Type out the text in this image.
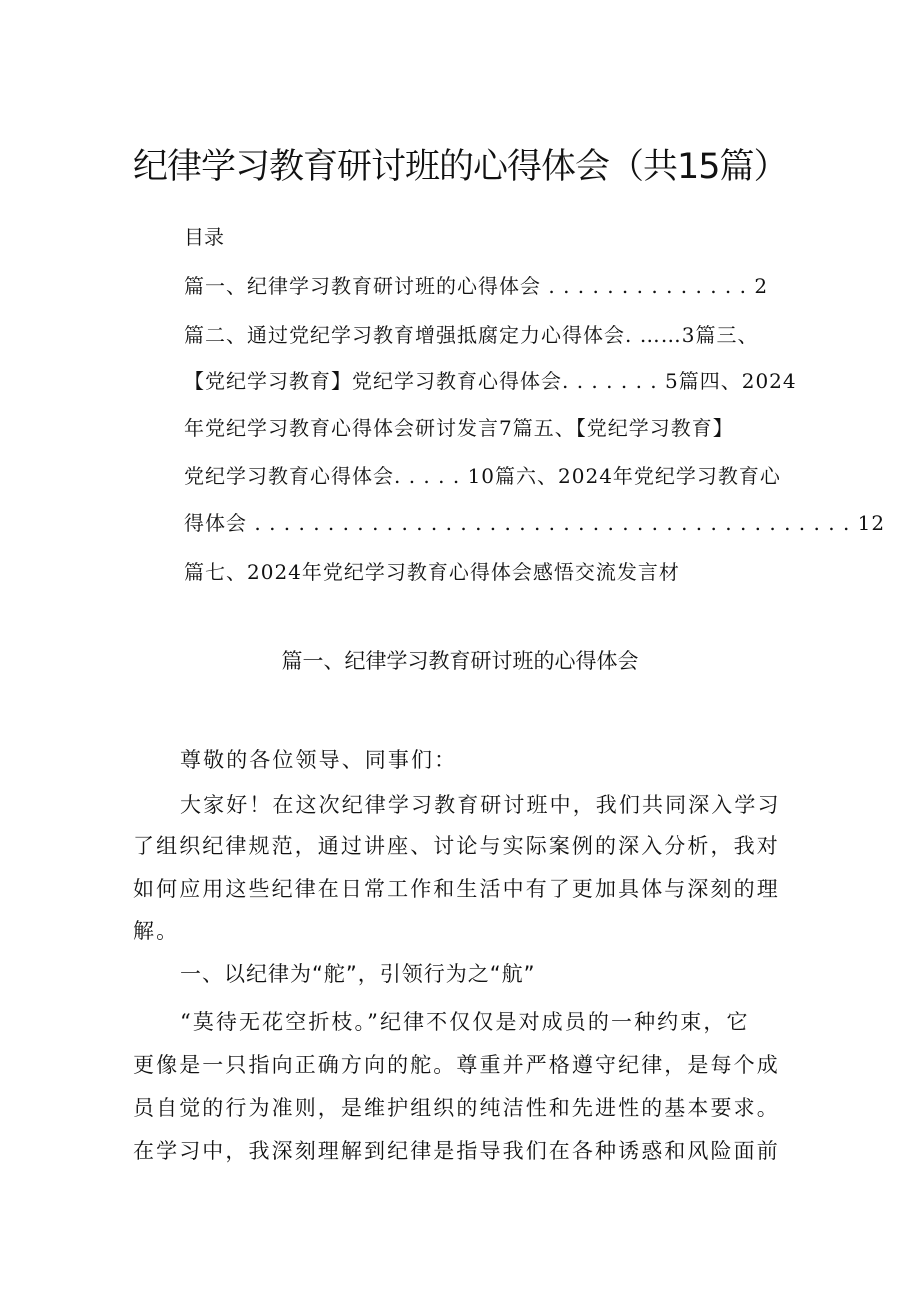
纪律学习教育研讨班的心得体会（共15篇）
目录
篇一、纪律学习教育研讨班的心得体会 . . . . . . . . . . . . . . 2
篇二、通过党纪学习教育增强抵腐定力心得体会. ……3篇三、
【党纪学习教育】党纪学习教育心得体会. . . . . . . 5篇四、2024
年党纪学习教育心得体会研讨发言7篇五、【党纪学习教育】
党纪学习教育心得体会. . . . . 10篇六、2024年党纪学习教育心
得体会 . . . . . . . . . . . . . . . . . . . . . . . . . . . . . . . . . . . . . . . . . 12
篇七、2024年党纪学习教育心得体会感悟交流发言材
篇一、纪律学习教育研讨班的心得体会
尊敬的各位领导、同事们：
大家好！在这次纪律学习教育研讨班中，我们共同深入学习
了组织纪律规范，通过讲座、讨论与实际案例的深入分析，我对
如何应用这些纪律在日常工作和生活中有了更加具体与深刻的理
解。
一、以纪律为“舵”，引领行为之“航”
“莫待无花空折枝。”纪律不仅仅是对成员的一种约束，它
更像是一只指向正确方向的舵。尊重并严格遵守纪律，是每个成
员自觉的行为准则，是维护组织的纯洁性和先进性的基本要求。
在学习中，我深刻理解到纪律是指导我们在各种诱惑和风险面前
